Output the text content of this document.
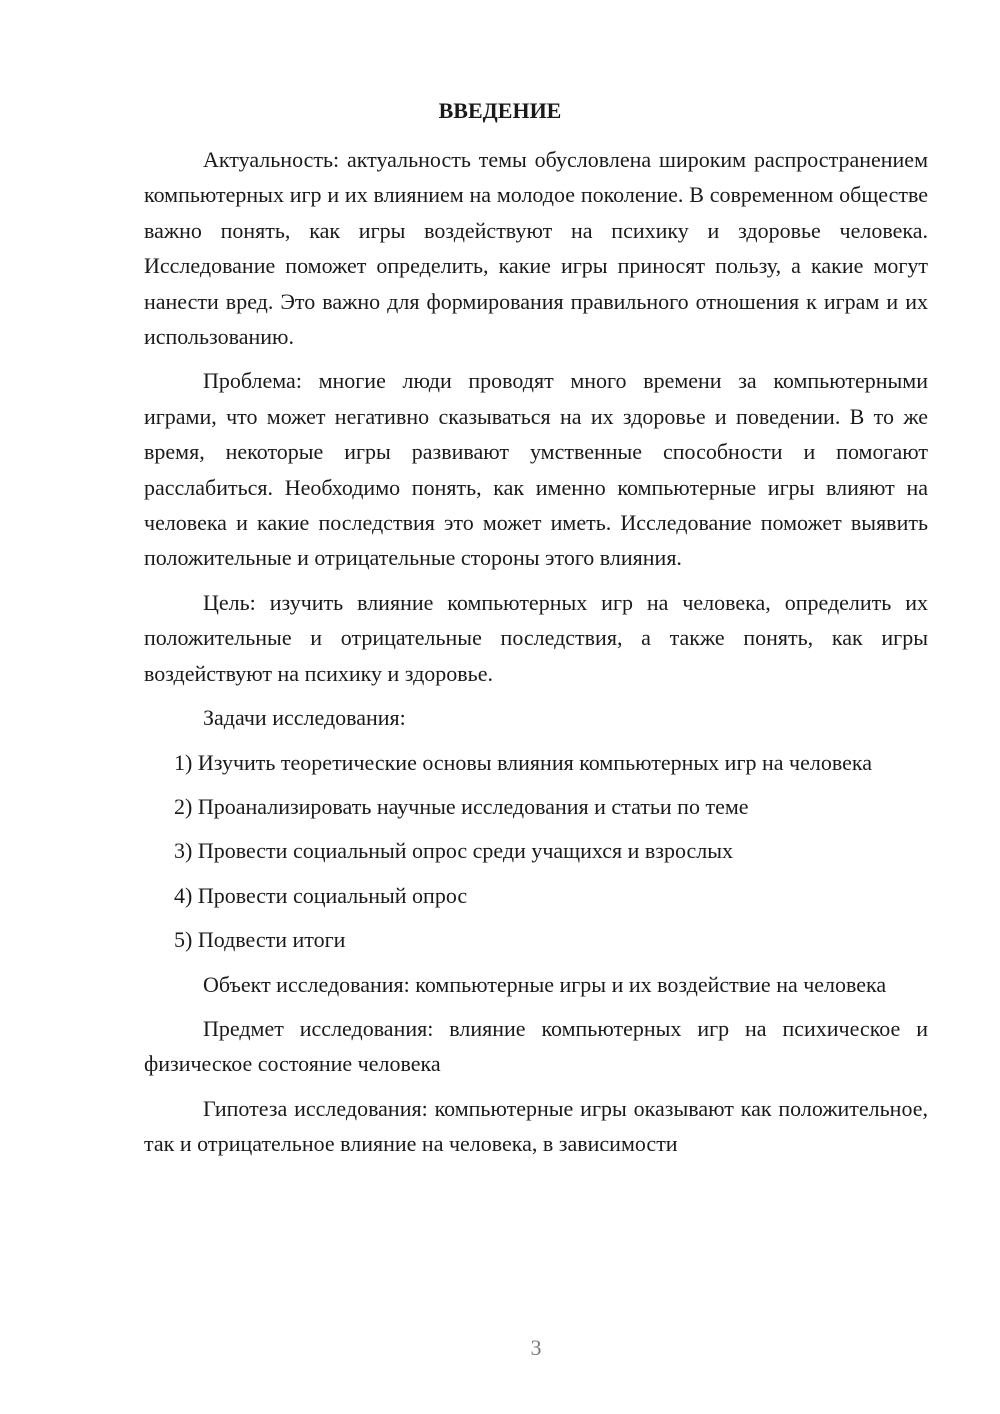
ВВЕДЕНИЕ

Актуальность: актуальность темы обусловлена широким распространением компьютерных игр и их влиянием на молодое поколение. В современном обществе важно понять, как игры воздействуют на психику и здоровье человека. Исследование поможет определить, какие игры приносят пользу, а какие могут нанести вред. Это важно для формирования правильного отношения к играм и их использованию.

Проблема: многие люди проводят много времени за компьютерными играми, что может негативно сказываться на их здоровье и поведении. В то же время, некоторые игры развивают умственные способности и помогают расслабиться. Необходимо понять, как именно компьютерные игры влияют на человека и какие последствия это может иметь. Исследование поможет выявить положительные и отрицательные стороны этого влияния.

Цель: изучить влияние компьютерных игр на человека, определить их положительные и отрицательные последствия, а также понять, как игры воздействуют на психику и здоровье.

Задачи исследования:

1) Изучить теоретические основы влияния компьютерных игр на человека

2) Проанализировать научные исследования и статьи по теме

3) Провести социальный опрос среди учащихся и взрослых

4) Провести социальный опрос

5) Подвести итоги

Объект исследования: компьютерные игры и их воздействие на человека

Предмет исследования: влияние компьютерных игр на психическое и физическое состояние человека

Гипотеза исследования: компьютерные игры оказывают как положительное, так и отрицательное влияние на человека, в зависимости

3
